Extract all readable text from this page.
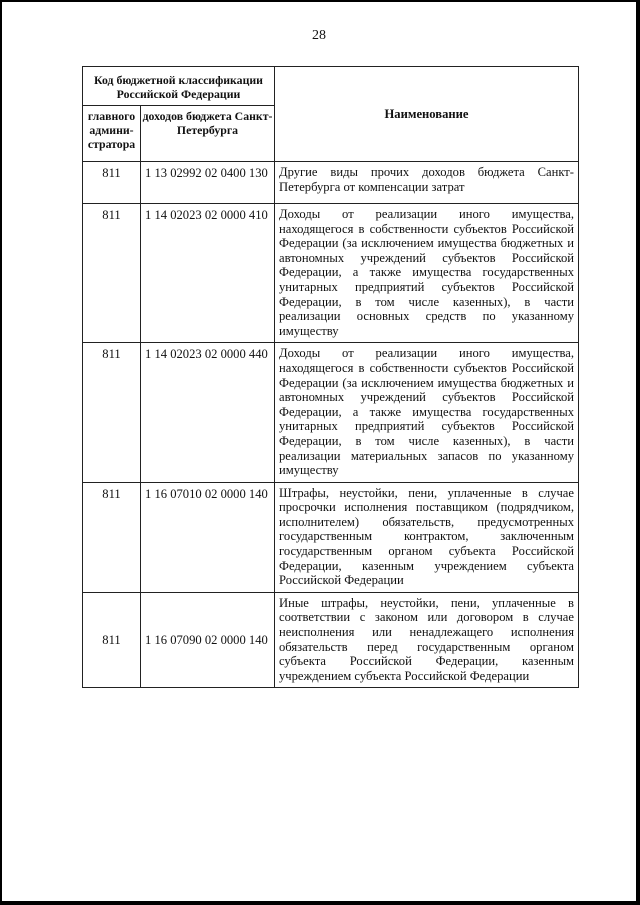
28
Код бюджетной классификации Российской Федерации		Наименование
главного админи-стратора	доходов бюджета Санкт-Петербурга	
811	1 13 02992 02 0400 130	Другие виды прочих доходов бюджета Санкт-Петербурга от компенсации затрат
811	1 14 02023 02 0000 410	Доходы от реализации иного имущества, находящегося в собственности субъектов Российской Федерации (за исключением имущества бюджетных и автономных учреждений субъектов Российской Федерации, а также имущества государственных унитарных предприятий субъектов Российской Федерации, в том числе казенных), в части реализации основных средств по указанному имуществу
811	1 14 02023 02 0000 440	Доходы от реализации иного имущества, находящегося в собственности субъектов Российской Федерации (за исключением имущества бюджетных и автономных учреждений субъектов Российской Федерации, а также имущества государственных унитарных предприятий субъектов Российской Федерации, в том числе казенных), в части реализации материальных запасов по указанному имуществу
811	1 16 07010 02 0000 140	Штрафы, неустойки, пени, уплаченные в случае просрочки исполнения поставщиком (подрядчиком, исполнителем) обязательств, предусмотренных государственным контрактом, заключенным государственным органом субъекта Российской Федерации, казенным учреждением субъекта Российской Федерации
811	1 16 07090 02 0000 140	Иные штрафы, неустойки, пени, уплаченные в соответствии с законом или договором в случае неисполнения или ненадлежащего исполнения обязательств перед государственным органом субъекта Российской Федерации, казенным учреждением субъекта Российской Федерации
